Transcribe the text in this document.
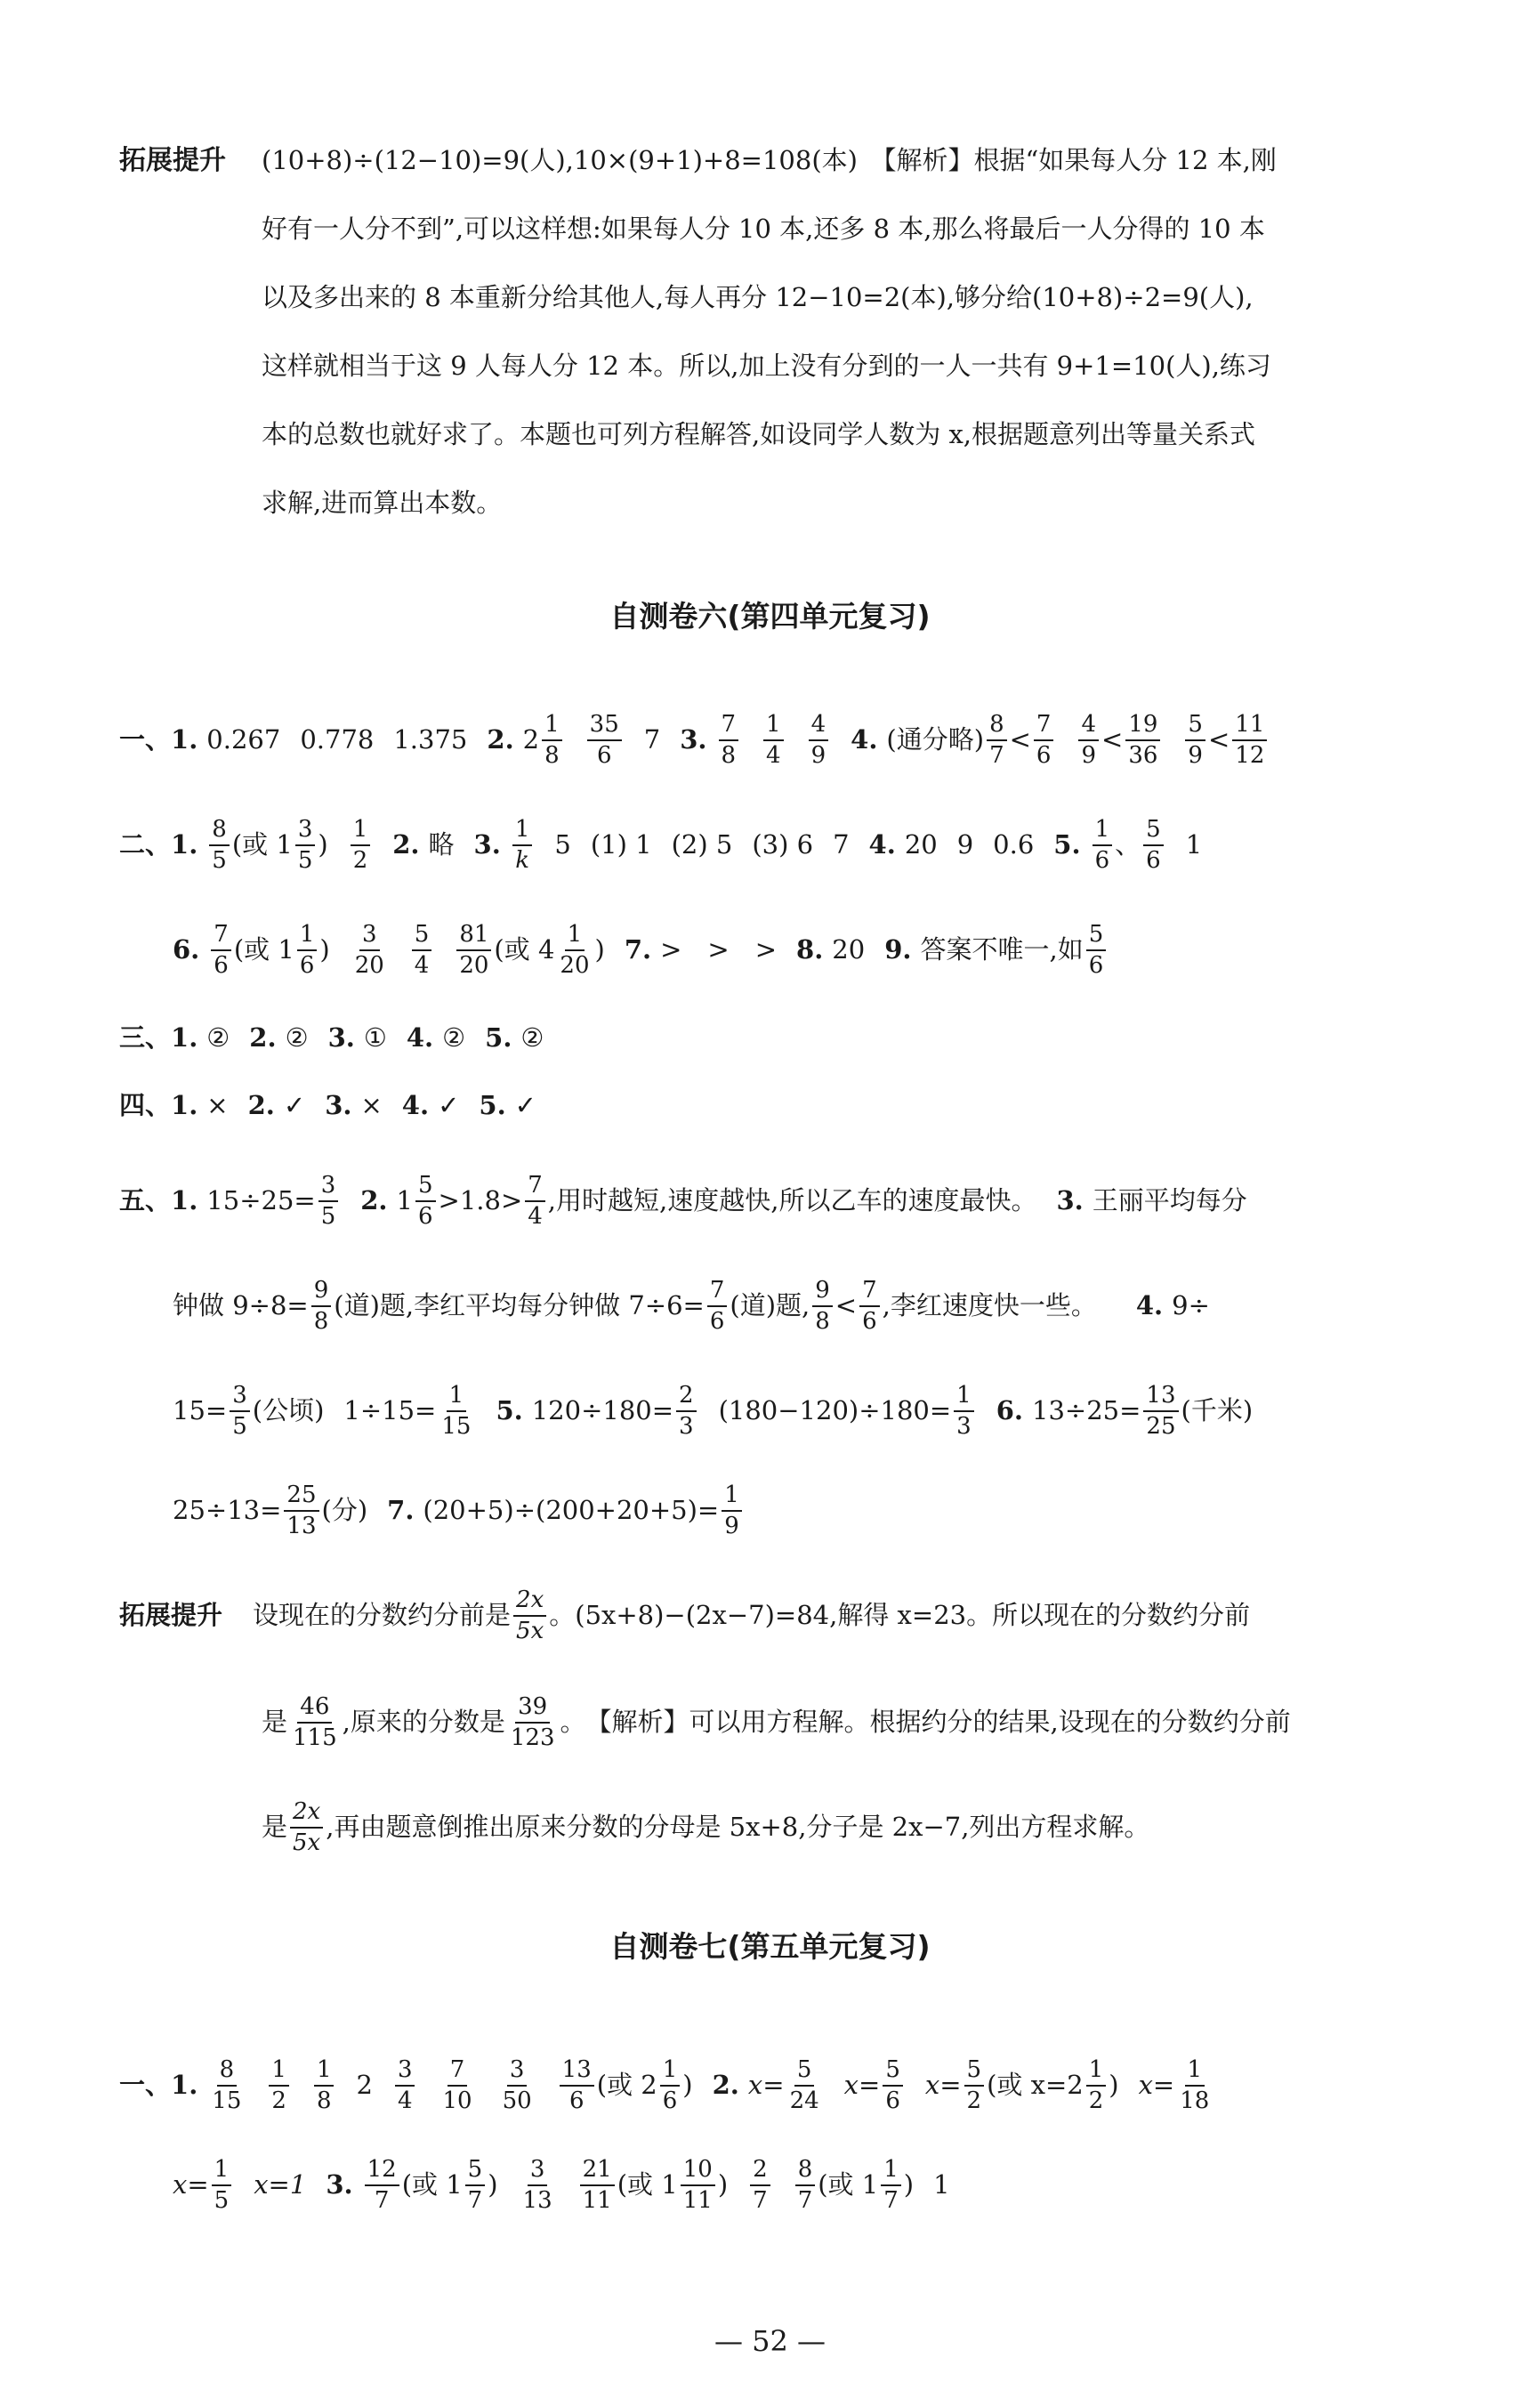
拓展提升 (10+8)÷(12−10)=9(人),10×(9+1)+8=108(本)　【解析】根据“如果每人分 12 本,刚
好有一人分不到”,可以这样想:如果每人分 10 本,还多 8 本,那么将最后一人分得的 10 本
以及多出来的 8 本重新分给其他人,每人再分 12−10=2(本),够分给(10+8)÷2=9(人),
这样就相当于这 9 人每人分 12 本。所以,加上没有分到的一人一共有 9+1=10(人),练习
本的总数也就好求了。本题也可列方程解答,如设同学人数为 x,根据题意列出等量关系式
求解,进而算出本数。
自测卷六(第四单元复习)
一、 1. 0.267 0.778 1.375 2. $2 \frac{1}{8} \frac{35}{6} 7$ 3. $\frac{7}{8} \frac{1}{4} \frac{4}{9} 4$. (通分略) $\frac{8}{7} < \frac{7}{6} \frac{4}{9} < \frac{19}{36} \frac{5}{9} < \frac{11}{12}$
二、 1. $\frac{8}{5}$ (或 $1 \frac{3}{5}$ ) $\frac{1}{2} 2$. 略 3. $\frac{1}{k} 5$ (1) 1 (2) 5 (3) 6 7 4. 20 9 0.6 5. $\frac{1}{6}$ 、 $\frac{5}{6} 1$
6. $\frac{7}{6}$ (或 $1 \frac{1}{6}$ ) $\frac{3}{20} \frac{5}{4} \frac{81}{20}$ (或 $4 \frac{1}{20}$ ) 7. >　>　> 8. 20 9. 答案不唯一,如 $\frac{5}{6}$
三、 1. ② 2. ② 3. ① 4. ② 5. ②
四、 1. × 2. ✓ 3. × 4. ✓ 5. ✓
五、 1. $15\div 25= \frac{3}{5} 2$. $1 \frac{5}{6} >1.8> \frac{7}{4}$ ,用时越短,速度越快,所以乙车的速度最快。 3. 王丽平均每分
钟做 $9\div 8= \frac{9}{8}$ (道)题,李红平均每分钟做 $7\div 6= \frac{7}{6}$ (道)题, $\frac{9}{8} < \frac{7}{6}$ ,李红速度快一些。 4. 9÷
$15= \frac{3}{5}$ (公顷) $1\div 15= \frac{1}{15} 5$. $120\div 180= \frac{2}{3} (180-120)\div 180= \frac{1}{3} 6$. $13\div 25= \frac{13}{25}$ (千米)
$25\div 13= \frac{25}{13}$ (分) 7. $(20+5)\div(200+20+5)= \frac{1}{9}$
拓展提升 设现在的分数约分前是 $\frac{2x}{5x}$ 。(5x+8)−(2x−7)=84,解得 x=23。所以现在的分数约分前
是 $\frac{46}{115}$ ,原来的分数是 $\frac{39}{123}$ 。　【解析】可以用方程解。根据约分的结果,设现在的分数约分前
是 $\frac{2x}{5x}$ ,再由题意倒推出原来分数的分母是 5x+8,分子是 2x−7,列出方程求解。
自测卷七(第五单元复习)
一、 1. $\frac{8}{15} \frac{1}{2} \frac{1}{8} 2 \frac{3}{4} \frac{7}{10} \frac{3}{50} \frac{13}{6}$ (或 $2 \frac{1}{6}$ ) 2. $x= \frac{5}{24} x= \frac{5}{6} x= \frac{5}{2}$ (或 $x=2 \frac{1}{2}$ ) $x= \frac{1}{18}$
$x= \frac{1}{5} x=1$ 3. $\frac{12}{7}$ (或 $1 \frac{5}{7}$ ) $\frac{3}{13} \frac{21}{11}$ (或 $1 \frac{10}{11}$ ) $\frac{2}{7} \frac{8}{7}$ (或 $1 \frac{1}{7}$ ) 1
— 52 —
